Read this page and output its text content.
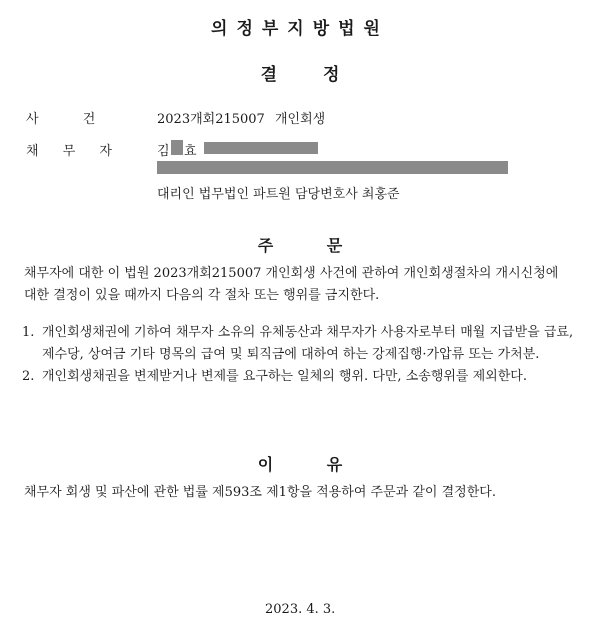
의정부지방법원
결 정
사 건	2023개회215007 개인회생
채 무 자	김 효
대리인 법무법인 파트원 담당변호사 최홍준
주 문
채무자에 대한 이 법원 2023개회215007 개인회생 사건에 관하여 개인회생절차의 개시신청에 대한 결정이 있을 때까지 다음의 각 절차 또는 행위를 금지한다.
1. 개인회생채권에 기하여 채무자 소유의 유체동산과 채무자가 사용자로부터 매월 지급받을 급료, 제수당, 상여금 기타 명목의 급여 및 퇴직금에 대하여 하는 강제집행·가압류 또는 가처분.
2. 개인회생채권을 변제받거나 변제를 요구하는 일체의 행위. 다만, 소송행위를 제외한다.
이 유
채무자 회생 및 파산에 관한 법률 제593조 제1항을 적용하여 주문과 같이 결정한다.
2023. 4. 3.
